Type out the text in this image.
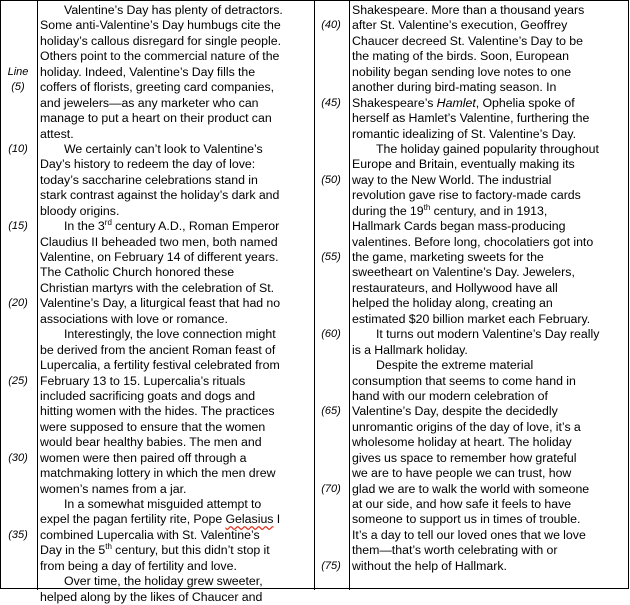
Line
(5)
(10)
(15)
(20)
(25)
(30)
(35)
Valentine’s Day has plenty of detractors.
Some anti-Valentine’s Day humbugs cite the
holiday’s callous disregard for single people.
Others point to the commercial nature of the
holiday. Indeed, Valentine’s Day fills the
coffers of florists, greeting card companies,
and jewelers—as any marketer who can
manage to put a heart on their product can
attest.
We certainly can’t look to Valentine’s
Day’s history to redeem the day of love:
today’s saccharine celebrations stand in
stark contrast against the holiday’s dark and
bloody origins.
In the 3rd century A.D., Roman Emperor
Claudius II beheaded two men, both named
Valentine, on February 14 of different years.
The Catholic Church honored these
Christian martyrs with the celebration of St.
Valentine’s Day, a liturgical feast that had no
associations with love or romance.
Interestingly, the love connection might
be derived from the ancient Roman feast of
Lupercalia, a fertility festival celebrated from
February 13 to 15. Lupercalia’s rituals
included sacrificing goats and dogs and
hitting women with the hides. The practices
were supposed to ensure that the women
would bear healthy babies. The men and
women were then paired off through a
matchmaking lottery in which the men drew
women’s names from a jar.
In a somewhat misguided attempt to
expel the pagan fertility rite, Pope Gelasius I
combined Lupercalia with St. Valentine’s
Day in the 5th century, but this didn’t stop it
from being a day of fertility and love.
Over time, the holiday grew sweeter,
helped along by the likes of Chaucer and
(40)
(45)
(50)
(55)
(60)
(65)
(70)
(75)
Shakespeare. More than a thousand years
after St. Valentine’s execution, Geoffrey
Chaucer decreed St. Valentine’s Day to be
the mating of the birds. Soon, European
nobility began sending love notes to one
another during bird-mating season. In
Shakespeare’s Hamlet, Ophelia spoke of
herself as Hamlet’s Valentine, furthering the
romantic idealizing of St. Valentine’s Day.
The holiday gained popularity throughout
Europe and Britain, eventually making its
way to the New World. The industrial
revolution gave rise to factory-made cards
during the 19th century, and in 1913,
Hallmark Cards began mass-producing
valentines. Before long, chocolatiers got into
the game, marketing sweets for the
sweetheart on Valentine’s Day. Jewelers,
restaurateurs, and Hollywood have all
helped the holiday along, creating an
estimated $20 billion market each February.
It turns out modern Valentine’s Day really
is a Hallmark holiday.
Despite the extreme material
consumption that seems to come hand in
hand with our modern celebration of
Valentine’s Day, despite the decidedly
unromantic origins of the day of love, it’s a
wholesome holiday at heart. The holiday
gives us space to remember how grateful
we are to have people we can trust, how
glad we are to walk the world with someone
at our side, and how safe it feels to have
someone to support us in times of trouble.
It’s a day to tell our loved ones that we love
them—that’s worth celebrating with or
without the help of Hallmark.
